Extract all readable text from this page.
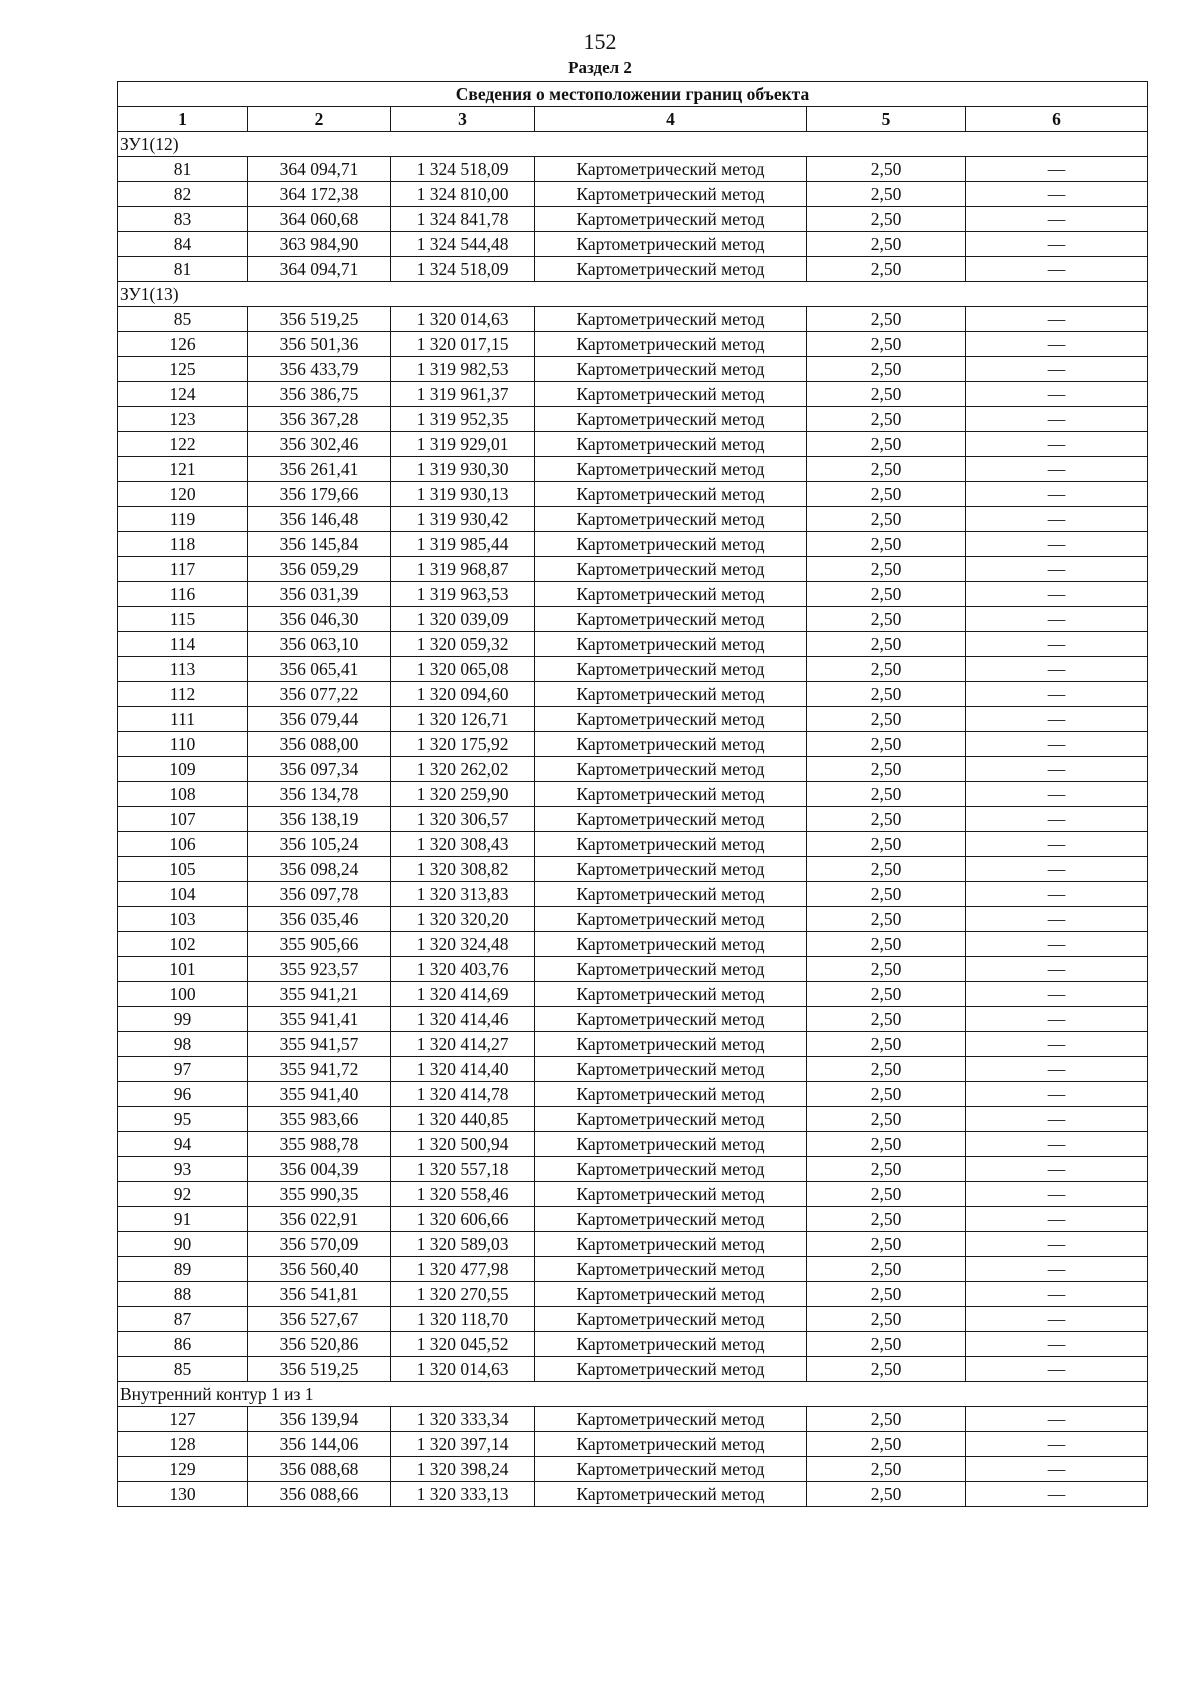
152
Раздел 2
Сведения о местоположении границ объекта					
1	2	3	4	5	6
ЗУ1(12)					
81	364 094,71	1 324 518,09	Картометрический метод	2,50	—
82	364 172,38	1 324 810,00	Картометрический метод	2,50	—
83	364 060,68	1 324 841,78	Картометрический метод	2,50	—
84	363 984,90	1 324 544,48	Картометрический метод	2,50	—
81	364 094,71	1 324 518,09	Картометрический метод	2,50	—
ЗУ1(13)					
85	356 519,25	1 320 014,63	Картометрический метод	2,50	—
126	356 501,36	1 320 017,15	Картометрический метод	2,50	—
125	356 433,79	1 319 982,53	Картометрический метод	2,50	—
124	356 386,75	1 319 961,37	Картометрический метод	2,50	—
123	356 367,28	1 319 952,35	Картометрический метод	2,50	—
122	356 302,46	1 319 929,01	Картометрический метод	2,50	—
121	356 261,41	1 319 930,30	Картометрический метод	2,50	—
120	356 179,66	1 319 930,13	Картометрический метод	2,50	—
119	356 146,48	1 319 930,42	Картометрический метод	2,50	—
118	356 145,84	1 319 985,44	Картометрический метод	2,50	—
117	356 059,29	1 319 968,87	Картометрический метод	2,50	—
116	356 031,39	1 319 963,53	Картометрический метод	2,50	—
115	356 046,30	1 320 039,09	Картометрический метод	2,50	—
114	356 063,10	1 320 059,32	Картометрический метод	2,50	—
113	356 065,41	1 320 065,08	Картометрический метод	2,50	—
112	356 077,22	1 320 094,60	Картометрический метод	2,50	—
111	356 079,44	1 320 126,71	Картометрический метод	2,50	—
110	356 088,00	1 320 175,92	Картометрический метод	2,50	—
109	356 097,34	1 320 262,02	Картометрический метод	2,50	—
108	356 134,78	1 320 259,90	Картометрический метод	2,50	—
107	356 138,19	1 320 306,57	Картометрический метод	2,50	—
106	356 105,24	1 320 308,43	Картометрический метод	2,50	—
105	356 098,24	1 320 308,82	Картометрический метод	2,50	—
104	356 097,78	1 320 313,83	Картометрический метод	2,50	—
103	356 035,46	1 320 320,20	Картометрический метод	2,50	—
102	355 905,66	1 320 324,48	Картометрический метод	2,50	—
101	355 923,57	1 320 403,76	Картометрический метод	2,50	—
100	355 941,21	1 320 414,69	Картометрический метод	2,50	—
99	355 941,41	1 320 414,46	Картометрический метод	2,50	—
98	355 941,57	1 320 414,27	Картометрический метод	2,50	—
97	355 941,72	1 320 414,40	Картометрический метод	2,50	—
96	355 941,40	1 320 414,78	Картометрический метод	2,50	—
95	355 983,66	1 320 440,85	Картометрический метод	2,50	—
94	355 988,78	1 320 500,94	Картометрический метод	2,50	—
93	356 004,39	1 320 557,18	Картометрический метод	2,50	—
92	355 990,35	1 320 558,46	Картометрический метод	2,50	—
91	356 022,91	1 320 606,66	Картометрический метод	2,50	—
90	356 570,09	1 320 589,03	Картометрический метод	2,50	—
89	356 560,40	1 320 477,98	Картометрический метод	2,50	—
88	356 541,81	1 320 270,55	Картометрический метод	2,50	—
87	356 527,67	1 320 118,70	Картометрический метод	2,50	—
86	356 520,86	1 320 045,52	Картометрический метод	2,50	—
85	356 519,25	1 320 014,63	Картометрический метод	2,50	—
Внутренний контур 1 из 1					
127	356 139,94	1 320 333,34	Картометрический метод	2,50	—
128	356 144,06	1 320 397,14	Картометрический метод	2,50	—
129	356 088,68	1 320 398,24	Картометрический метод	2,50	—
130	356 088,66	1 320 333,13	Картометрический метод	2,50	—
